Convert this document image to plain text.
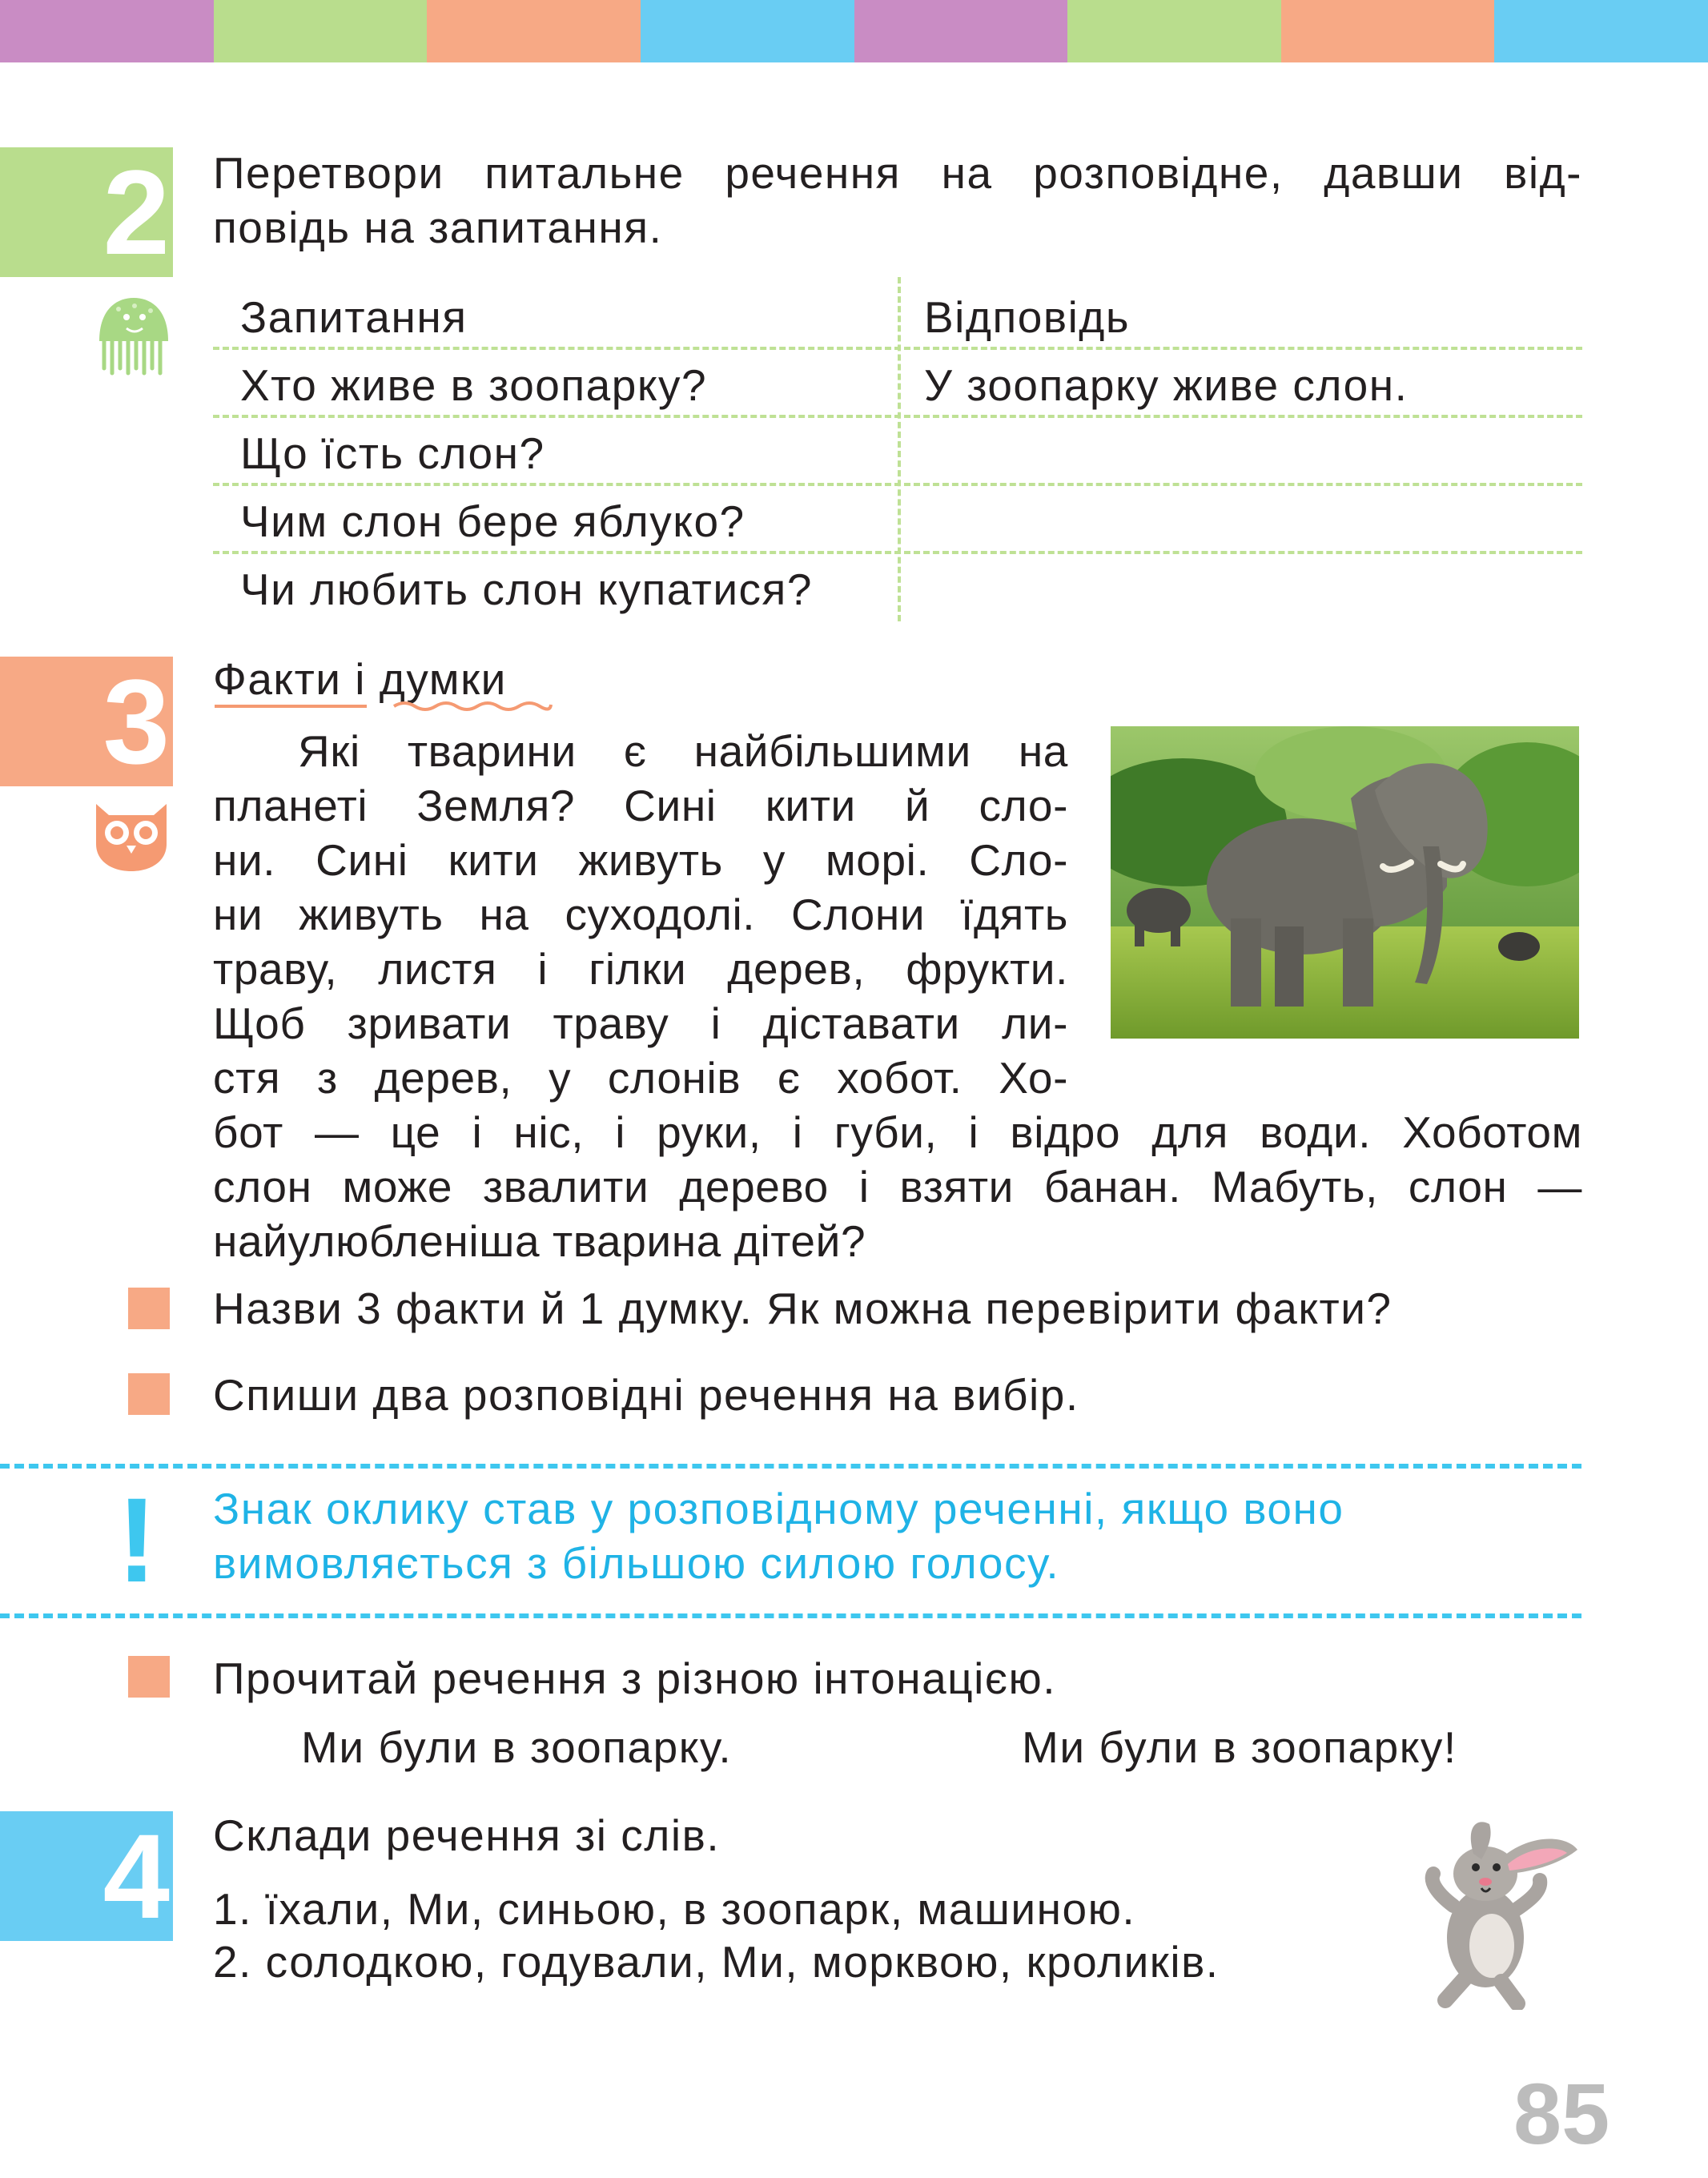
2 Перетвори питальне речення на розповідне, давши від-
повідь на запитання.
Запитання	Відповідь
Хто живе в зоопарку?	У зоопарку живе слон.
Що їсть слон?
Чим слон бере яблуко?
Чи любить слон купатися?
3 Факти і думки
Які тварини є найбільшими на
планеті Земля? Сині кити й сло-
ни. Сині кити живуть у морі. Сло-
ни живуть на суходолі. Слони їдять
траву, листя і гілки дерев, фрукти.
Щоб зривати траву і діставати ли-
стя з дерев, у слонів є хобот. Хо-
бот — це і ніс, і руки, і губи, і відро для води. Хоботом
слон може звалити дерево і взяти банан. Мабуть, слон —
найулюбленіша тварина дітей?
Назви 3 факти й 1 думку. Як можна перевірити факти?
Спиши два розповідні речення на вибір.
! Знак оклику став у розповідному реченні, якщо воно
вимовляється з більшою силою голосу.
Прочитай речення з різною інтонацією.
Ми були в зоопарку.	Ми були в зоопарку!
4 Склади речення зі слів.
1. їхали, Ми, синьою, в зоопарк, машиною.
2. солодкою, годували, Ми, морквою, кроликів.
85
